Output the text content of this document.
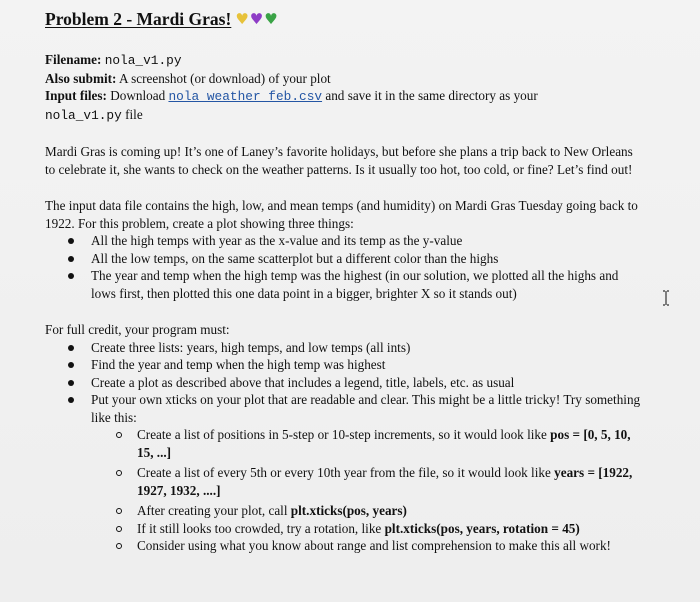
Problem 2 - Mardi Gras! ♥ ♥ ♥

Filename: nola_v1.py

Also submit: A screenshot (or download) of your plot

Input files: Download nola_weather_feb.csv and save it in the same directory as your

nola_v1.py file

Mardi Gras is coming up! It’s one of Laney’s favorite holidays, but before she plans a trip back to New Orleans to celebrate it, she wants to check on the weather patterns. Is it usually too hot, too cold, or fine? Let’s find out!

The input data file contains the high, low, and mean temps (and humidity) on Mardi Gras Tuesday going back to 1922. For this problem, create a plot showing three things:

All the high temps with year as the x-value and its temp as the y-value
All the low temps, on the same scatterplot but a different color than the highs
The year and temp when the high temp was the highest (in our solution, we plotted all the highs and lows first, then plotted this one data point in a bigger, brighter X so it stands out)

For full credit, your program must:

Create three lists: years, high temps, and low temps (all ints)
Find the year and temp when the high temp was highest
Create a plot as described above that includes a legend, title, labels, etc. as usual
Put your own xticks on your plot that are readable and clear. This might be a little tricky! Try something like this:
Create a list of positions in 5-step or 10-step increments, so it would look like pos = [0, 5, 10, 15, ...]
Create a list of every 5th or every 10th year from the file, so it would look like years = [1922, 1927, 1932, ....]
After creating your plot, call plt.xticks(pos, years)
If it still looks too crowded, try a rotation, like plt.xticks(pos, years, rotation = 45)
Consider using what you know about range and list comprehension to make this all work!
